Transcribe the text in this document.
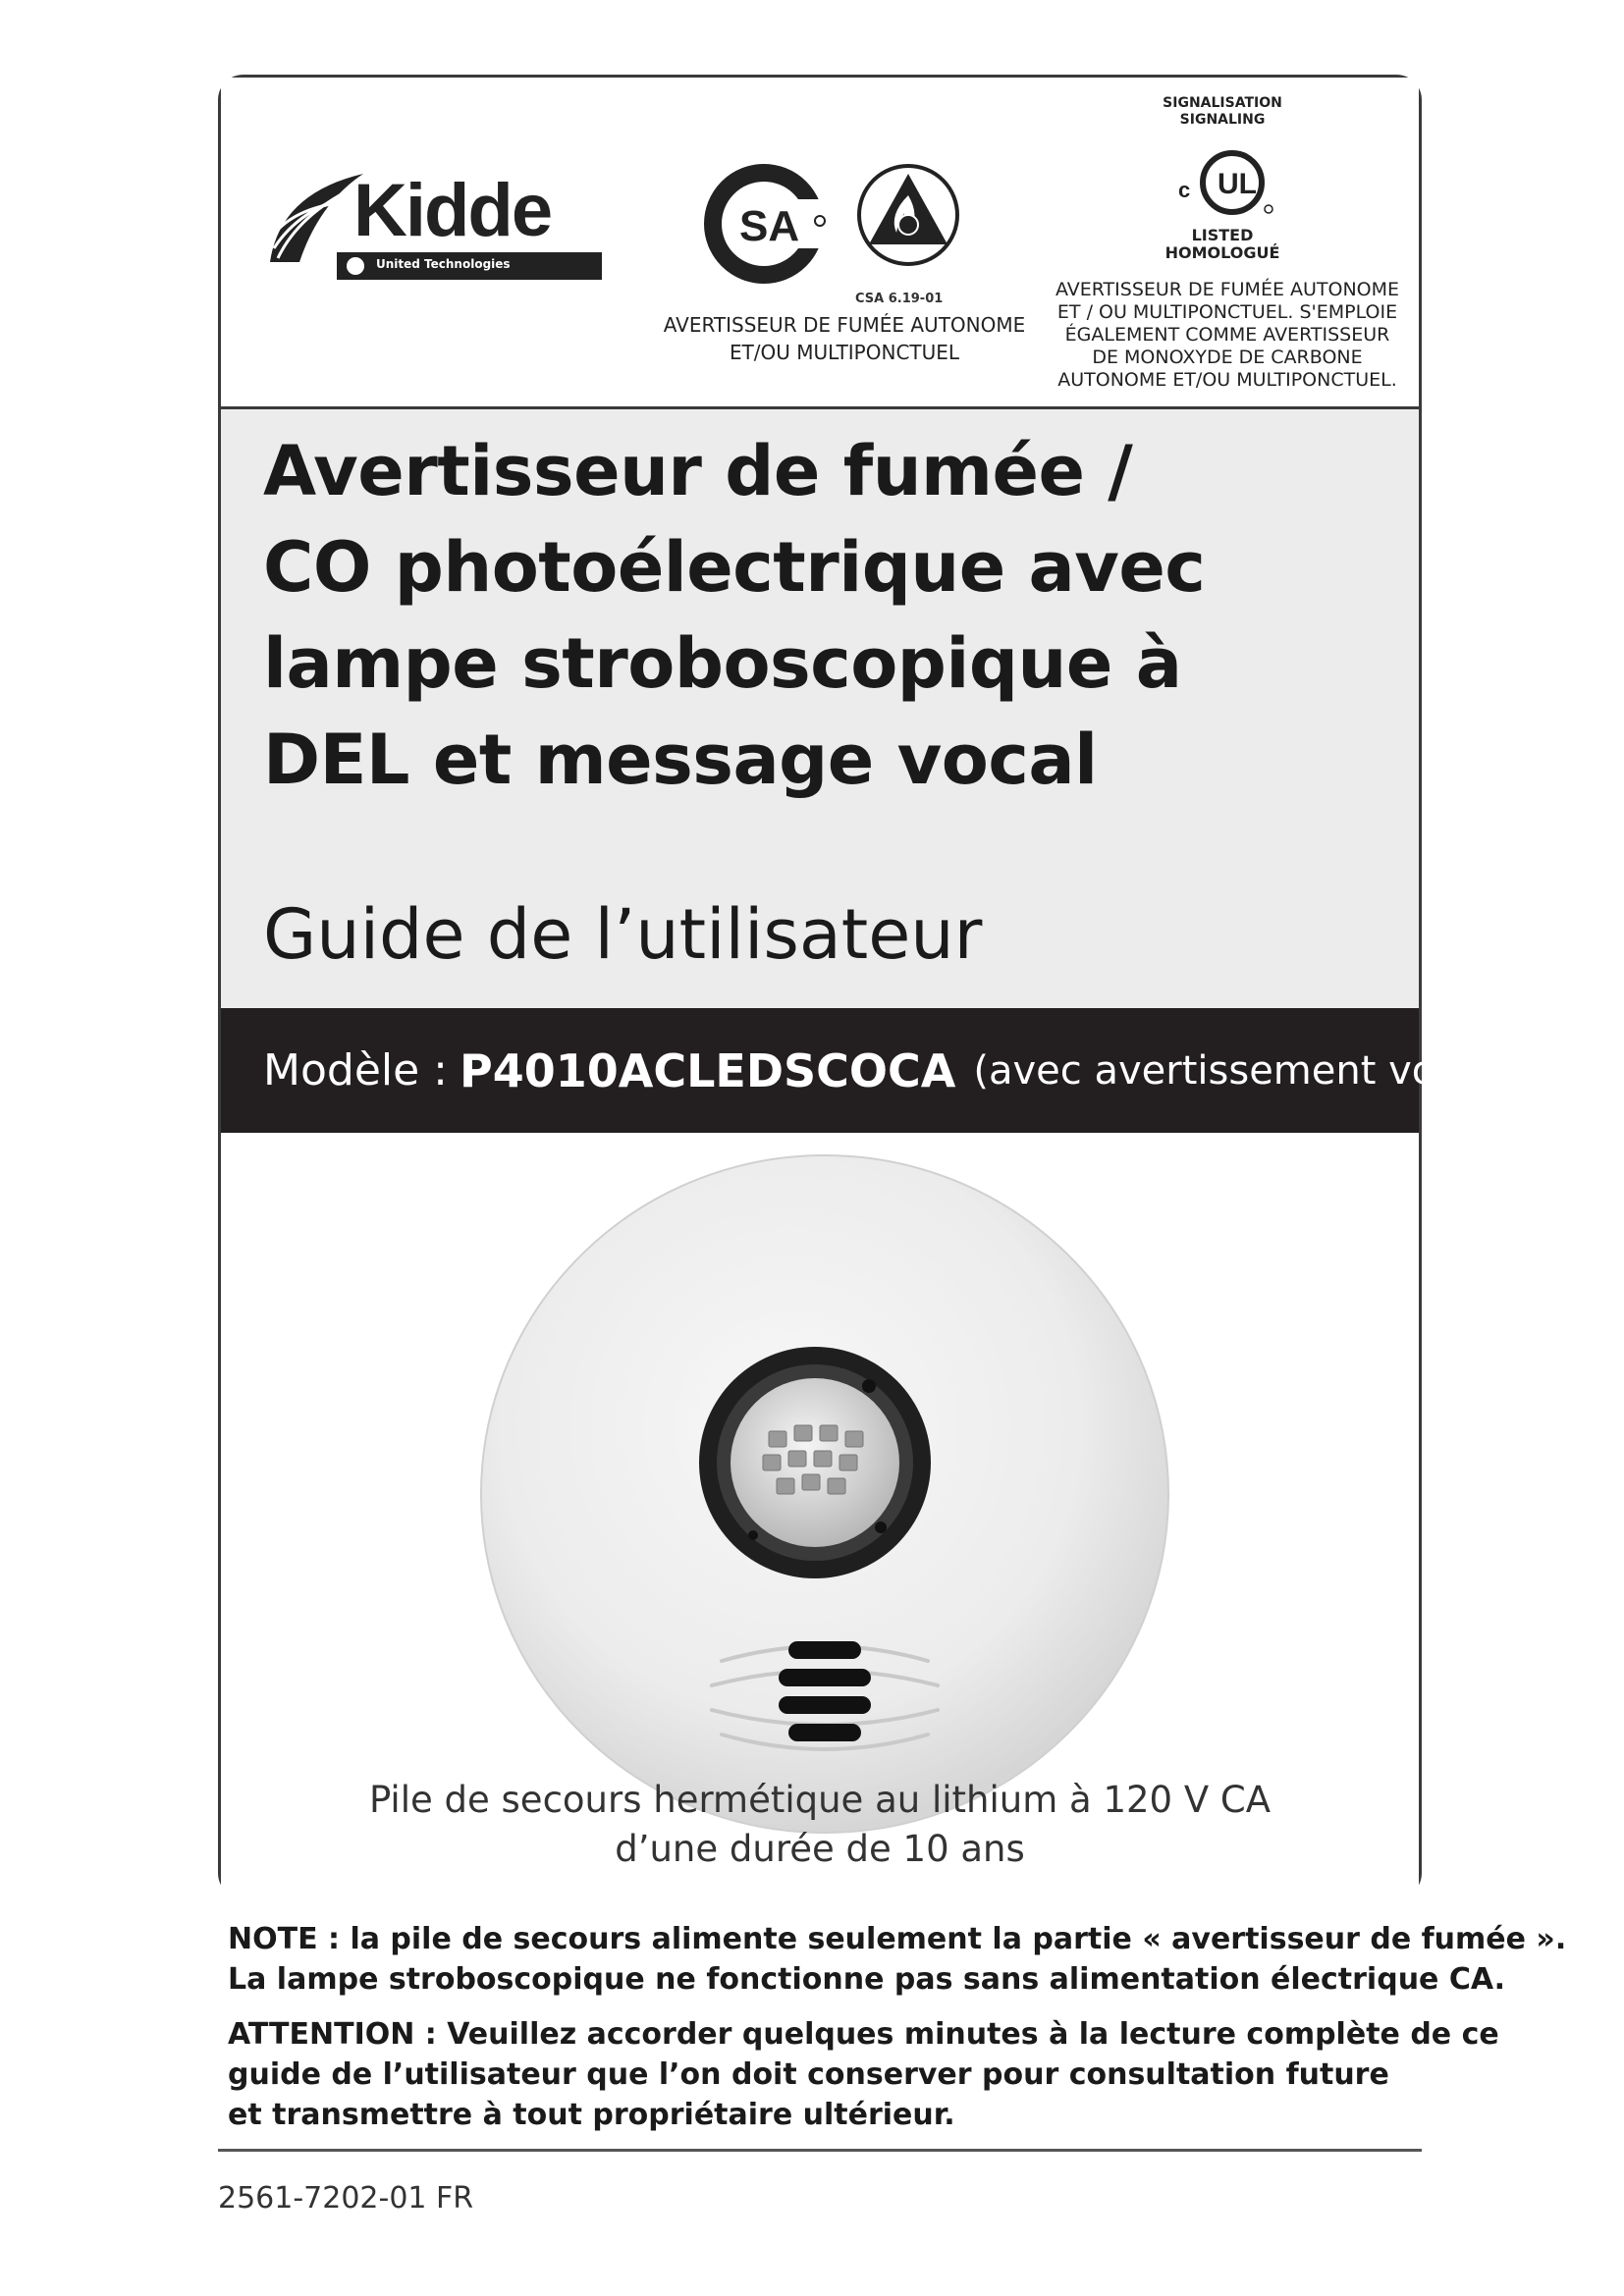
Kidde
United Technologies
SA
CSA 6.19-01
AVERTISSEUR DE FUMÉE AUTONOME
ET/OU MULTIPONCTUEL
SIGNALISATION
SIGNALING
c UL
LISTED
HOMOLOGUÉ
AVERTISSEUR DE FUMÉE AUTONOME
ET / OU MULTIPONCTUEL. S'EMPLOIE
ÉGALEMENT COMME AVERTISSEUR
DE MONOXYDE DE CARBONE
AUTONOME ET/OU MULTIPONCTUEL.
Avertisseur de fumée /
CO photoélectrique avec
lampe stroboscopique à
DEL et message vocal
Guide de l’utilisateur
Modèle : P4010ACLEDSCOCA (avec avertissement vocal)
Pile de secours hermétique au lithium à 120 V CA
d’une durée de 10 ans
NOTE : la pile de secours alimente seulement la partie « avertisseur de fumée ».
La lampe stroboscopique ne fonctionne pas sans alimentation électrique CA.
ATTENTION : Veuillez accorder quelques minutes à la lecture complète de ce
guide de l’utilisateur que l’on doit conserver pour consultation future
et transmettre à tout propriétaire ultérieur.
2561-7202-01 FR
